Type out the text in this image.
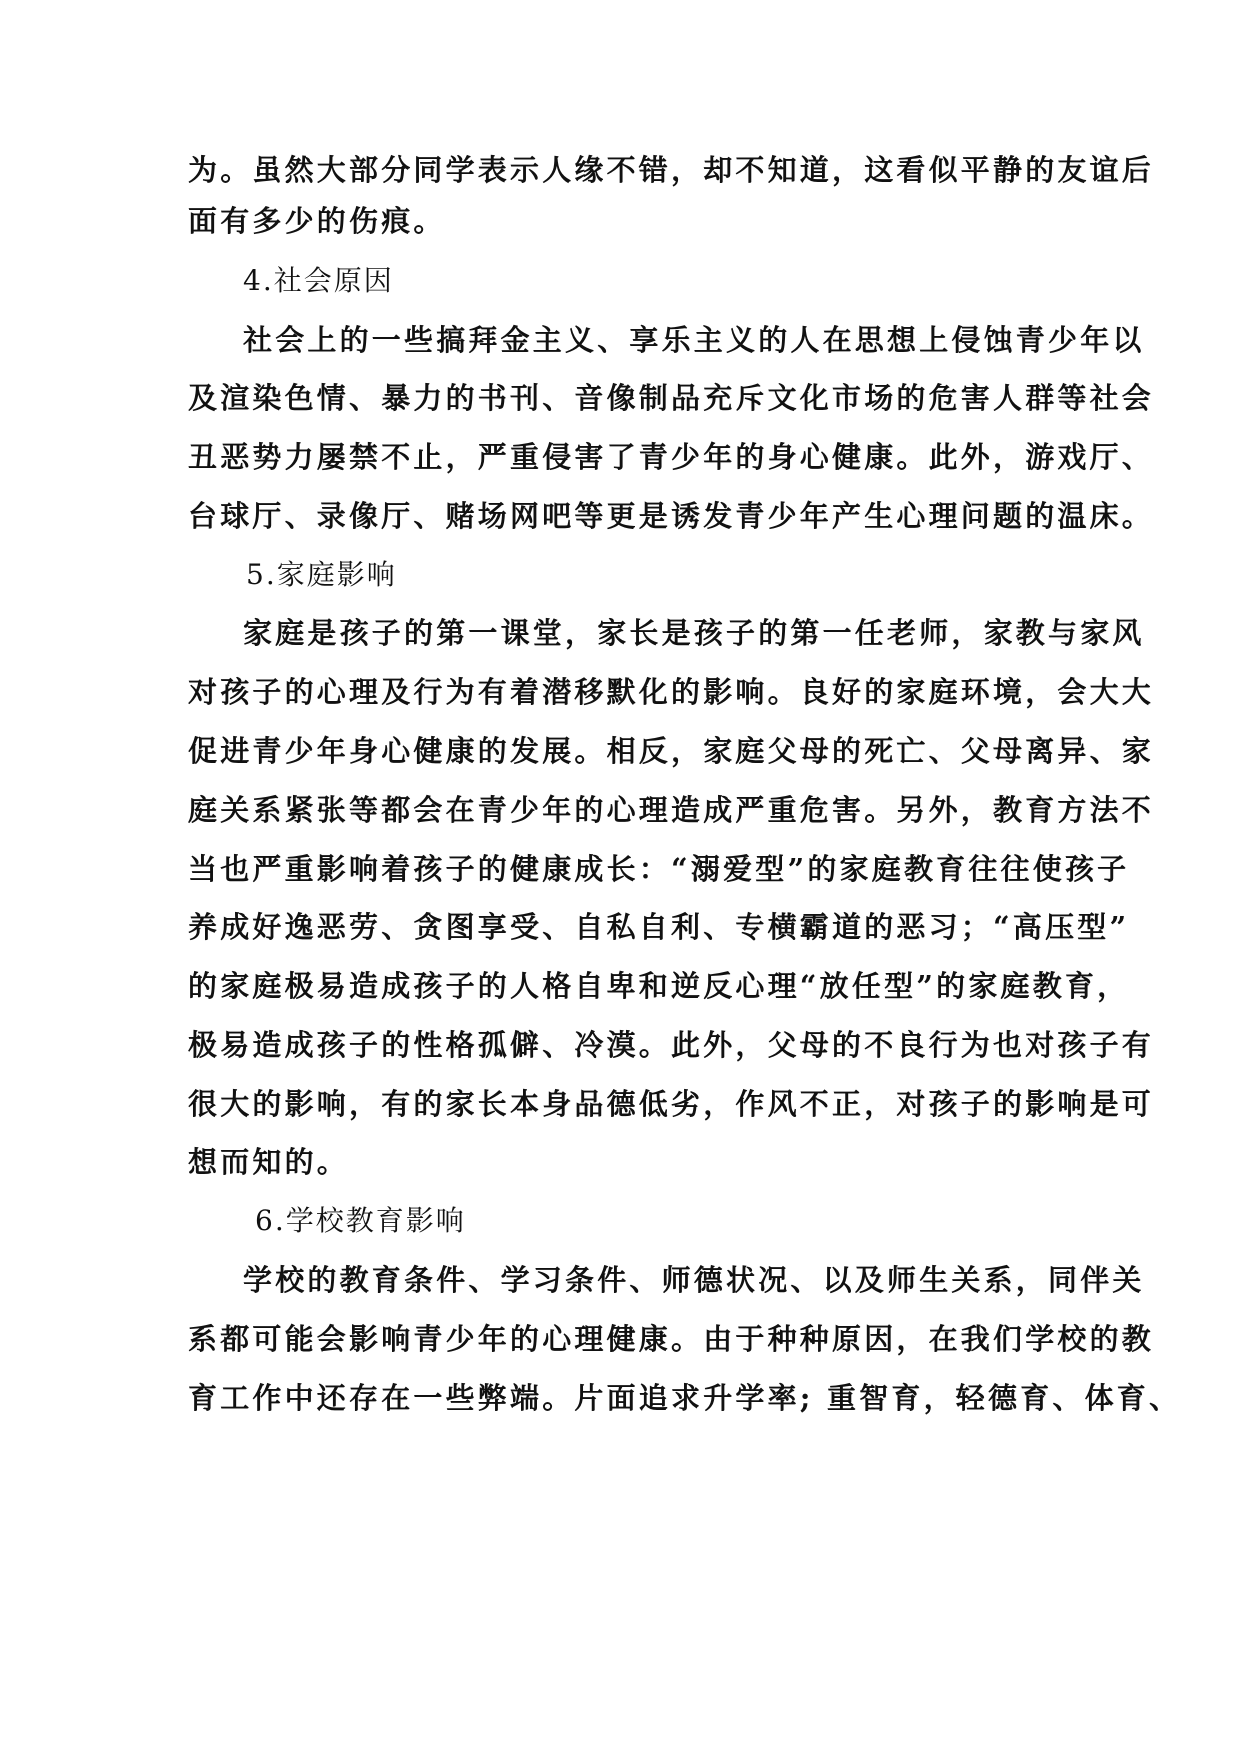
为。虽然大部分同学表示人缘不错，却不知道，这看似平静的友谊后
面有多少的伤痕。
4.社会原因
社会上的一些搞拜金主义、享乐主义的人在思想上侵蚀青少年以
及渲染色情、暴力的书刊、音像制品充斥文化市场的危害人群等社会
丑恶势力屡禁不止，严重侵害了青少年的身心健康。此外，游戏厅、
台球厅、录像厅、赌场网吧等更是诱发青少年产生心理问题的温床。
5.家庭影响
家庭是孩子的第一课堂，家长是孩子的第一任老师，家教与家风
对孩子的心理及行为有着潜移默化的影响。良好的家庭环境，会大大
促进青少年身心健康的发展。相反，家庭父母的死亡、父母离异、家
庭关系紧张等都会在青少年的心理造成严重危害。另外，教育方法不
当也严重影响着孩子的健康成长：“溺爱型”的家庭教育往往使孩子
养成好逸恶劳、贪图享受、自私自利、专横霸道的恶习；“高压型”
的家庭极易造成孩子的人格自卑和逆反心理“放任型”的家庭教育，
极易造成孩子的性格孤僻、冷漠。此外，父母的不良行为也对孩子有
很大的影响，有的家长本身品德低劣，作风不正，对孩子的影响是可
想而知的。
6.学校教育影响
学校的教育条件、学习条件、师德状况、以及师生关系，同伴关
系都可能会影响青少年的心理健康。由于种种原因，在我们学校的教
育工作中还存在一些弊端。片面追求升学率; 重智育，轻德育、体育、
